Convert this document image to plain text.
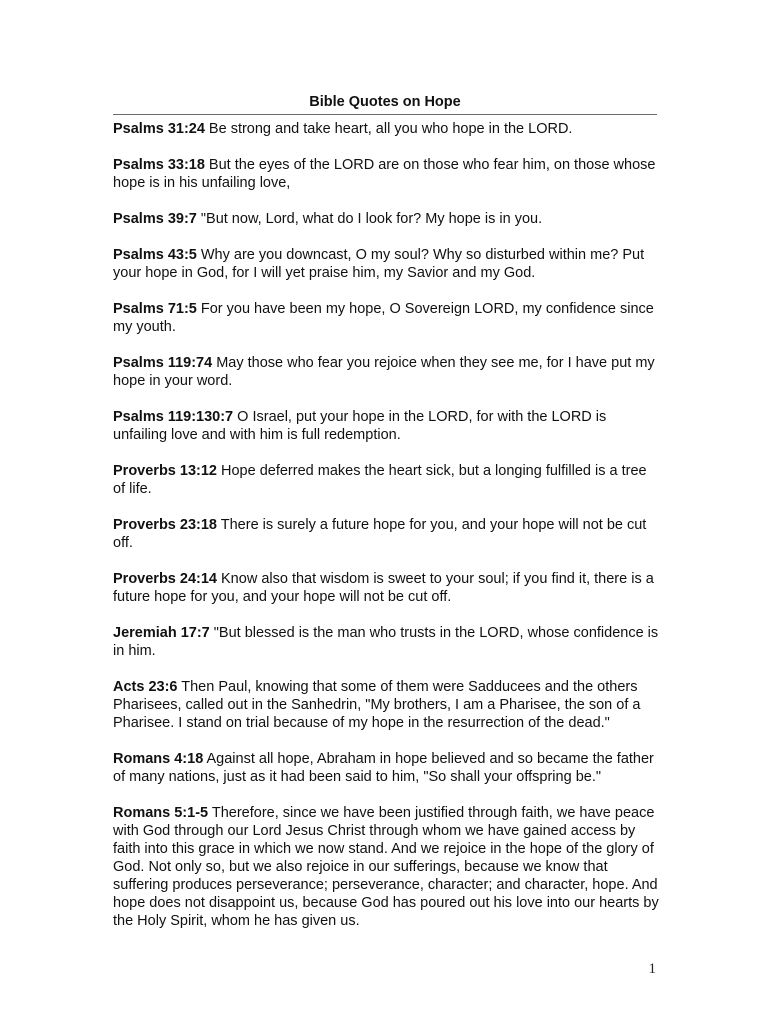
Bible Quotes on Hope
Psalms 31:24 Be strong and take heart, all you who hope in the LORD.
Psalms 33:18 But the eyes of the LORD are on those who fear him, on those whose hope is in his unfailing love,
Psalms 39:7 "But now, Lord, what do I look for? My hope is in you.
Psalms 43:5 Why are you downcast, O my soul? Why so disturbed within me? Put your hope in God, for I will yet praise him, my Savior and my God.
Psalms 71:5 For you have been my hope, O Sovereign LORD, my confidence since my youth.
Psalms 119:74 May those who fear you rejoice when they see me, for I have put my hope in your word.
Psalms 119:130:7 O Israel, put your hope in the LORD, for with the LORD is unfailing love and with him is full redemption.
Proverbs 13:12 Hope deferred makes the heart sick, but a longing fulfilled is a tree of life.
Proverbs 23:18 There is surely a future hope for you, and your hope will not be cut off.
Proverbs 24:14 Know also that wisdom is sweet to your soul; if you find it, there is a future hope for you, and your hope will not be cut off.
Jeremiah 17:7 "But blessed is the man who trusts in the LORD, whose confidence is in him.
Acts 23:6 Then Paul, knowing that some of them were Sadducees and the others Pharisees, called out in the Sanhedrin, "My brothers, I am a Pharisee, the son of a Pharisee. I stand on trial because of my hope in the resurrection of the dead."
Romans 4:18 Against all hope, Abraham in hope believed and so became the father of many nations, just as it had been said to him, "So shall your offspring be."
Romans 5:1-5 Therefore, since we have been justified through faith, we have peace with God through our Lord Jesus Christ through whom we have gained access by faith into this grace in which we now stand. And we rejoice in the hope of the glory of God. Not only so, but we also rejoice in our sufferings, because we know that suffering produces perseverance; perseverance, character; and character, hope. And hope does not disappoint us, because God has poured out his love into our hearts by the Holy Spirit, whom he has given us.
1
